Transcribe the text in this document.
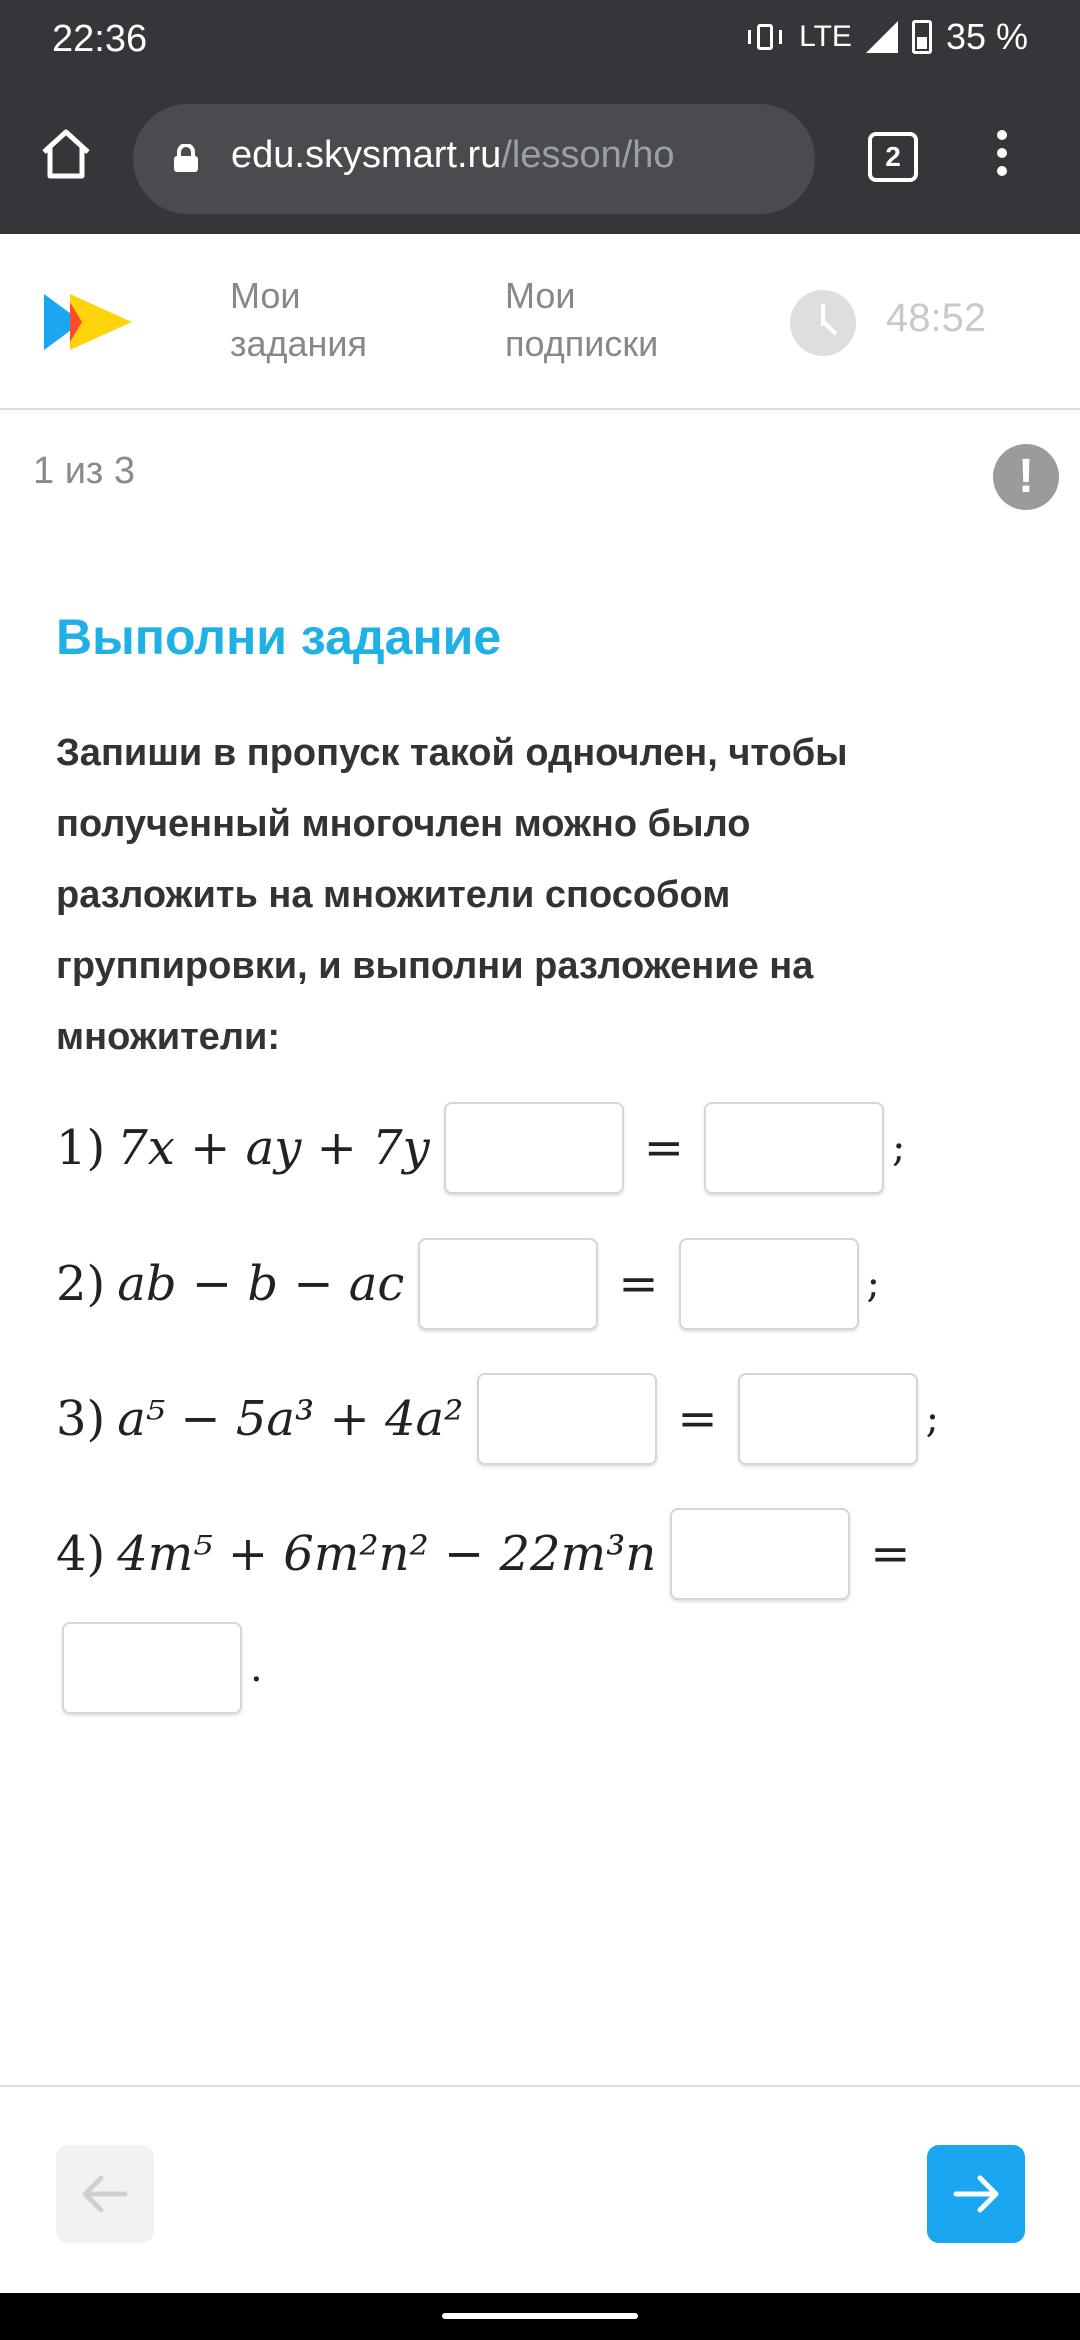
22:36	LTE	35 %
edu.skysmart.ru/lesson/ho	2
Мои задания
Мои подписки
48:52
1 из 3	!
Выполни задание
Запиши в пропуск такой одночлен, чтобы полученный многочлен можно было разложить на множители способом группировки, и выполни разложение на множители:
1) 7x + ay + 7y	=	;
2) ab − b − ac	=	;
3) a⁵ − 5a³ + 4a²	=	;
4) 4m⁵ + 6m²n² − 22m³n	=
.
